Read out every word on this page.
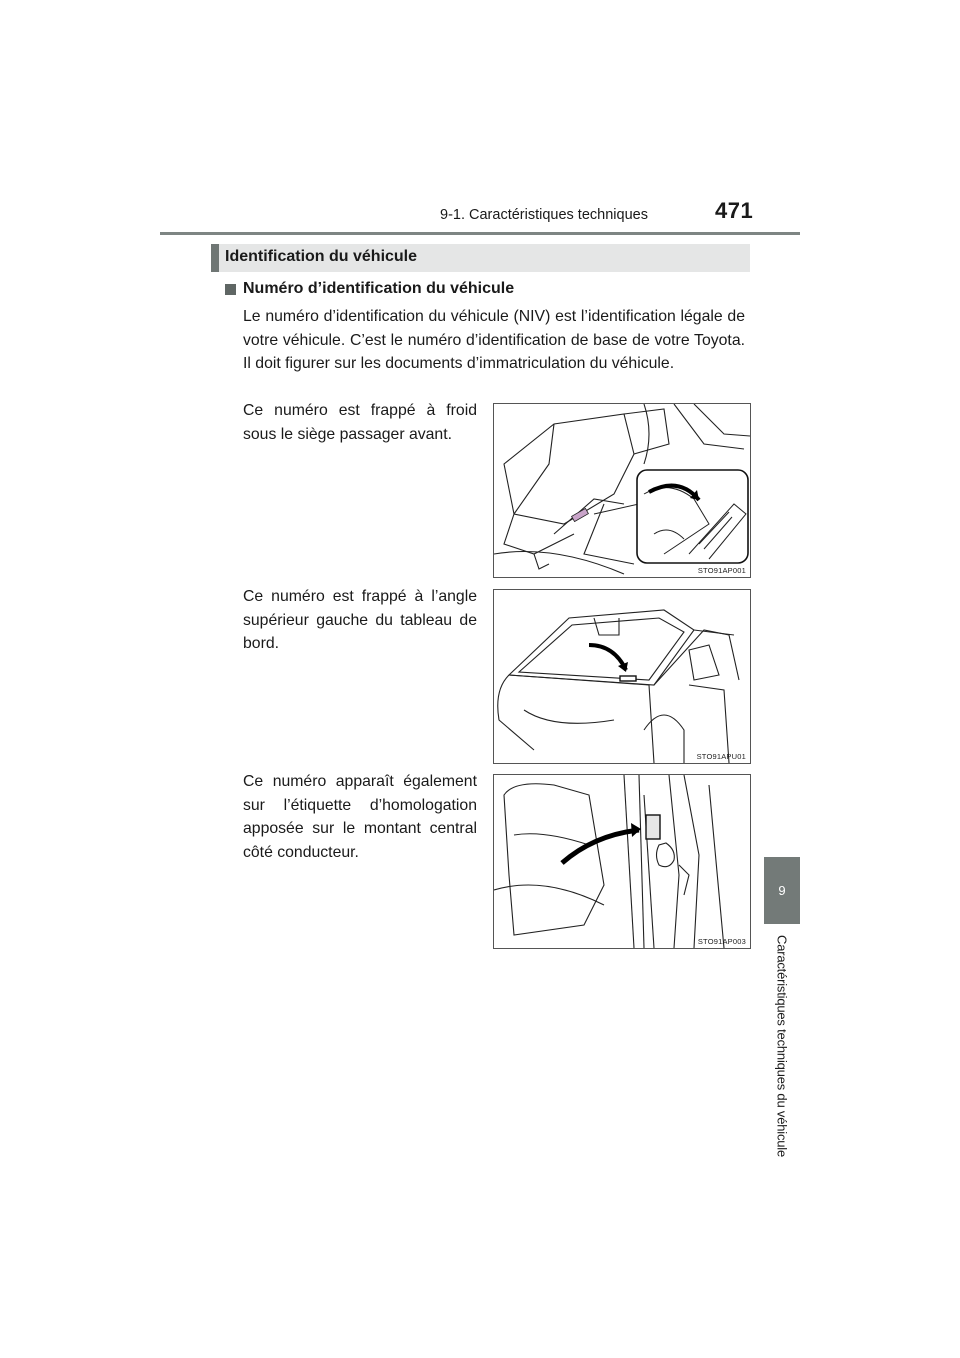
9-1. Caractéristiques techniques	471
9
Caractéristiques techniques du véhicule
Identification du véhicule
Numéro d’identification du véhicule
Le numéro d’identification du véhicule (NIV) est l’identification légale de votre véhicule. C’est le numéro d’identification de base de votre Toyota. Il doit figurer sur les documents d’immatriculation du véhicule.
Ce numéro est frappé à froid sous le siège passager avant.
STO91AP001
Ce numéro est frappé à l’angle supérieur gauche du tableau de bord.
STO91APU01
Ce numéro apparaît également sur l’étiquette d’homologation apposée sur le montant central côté conducteur.
STO91AP003
